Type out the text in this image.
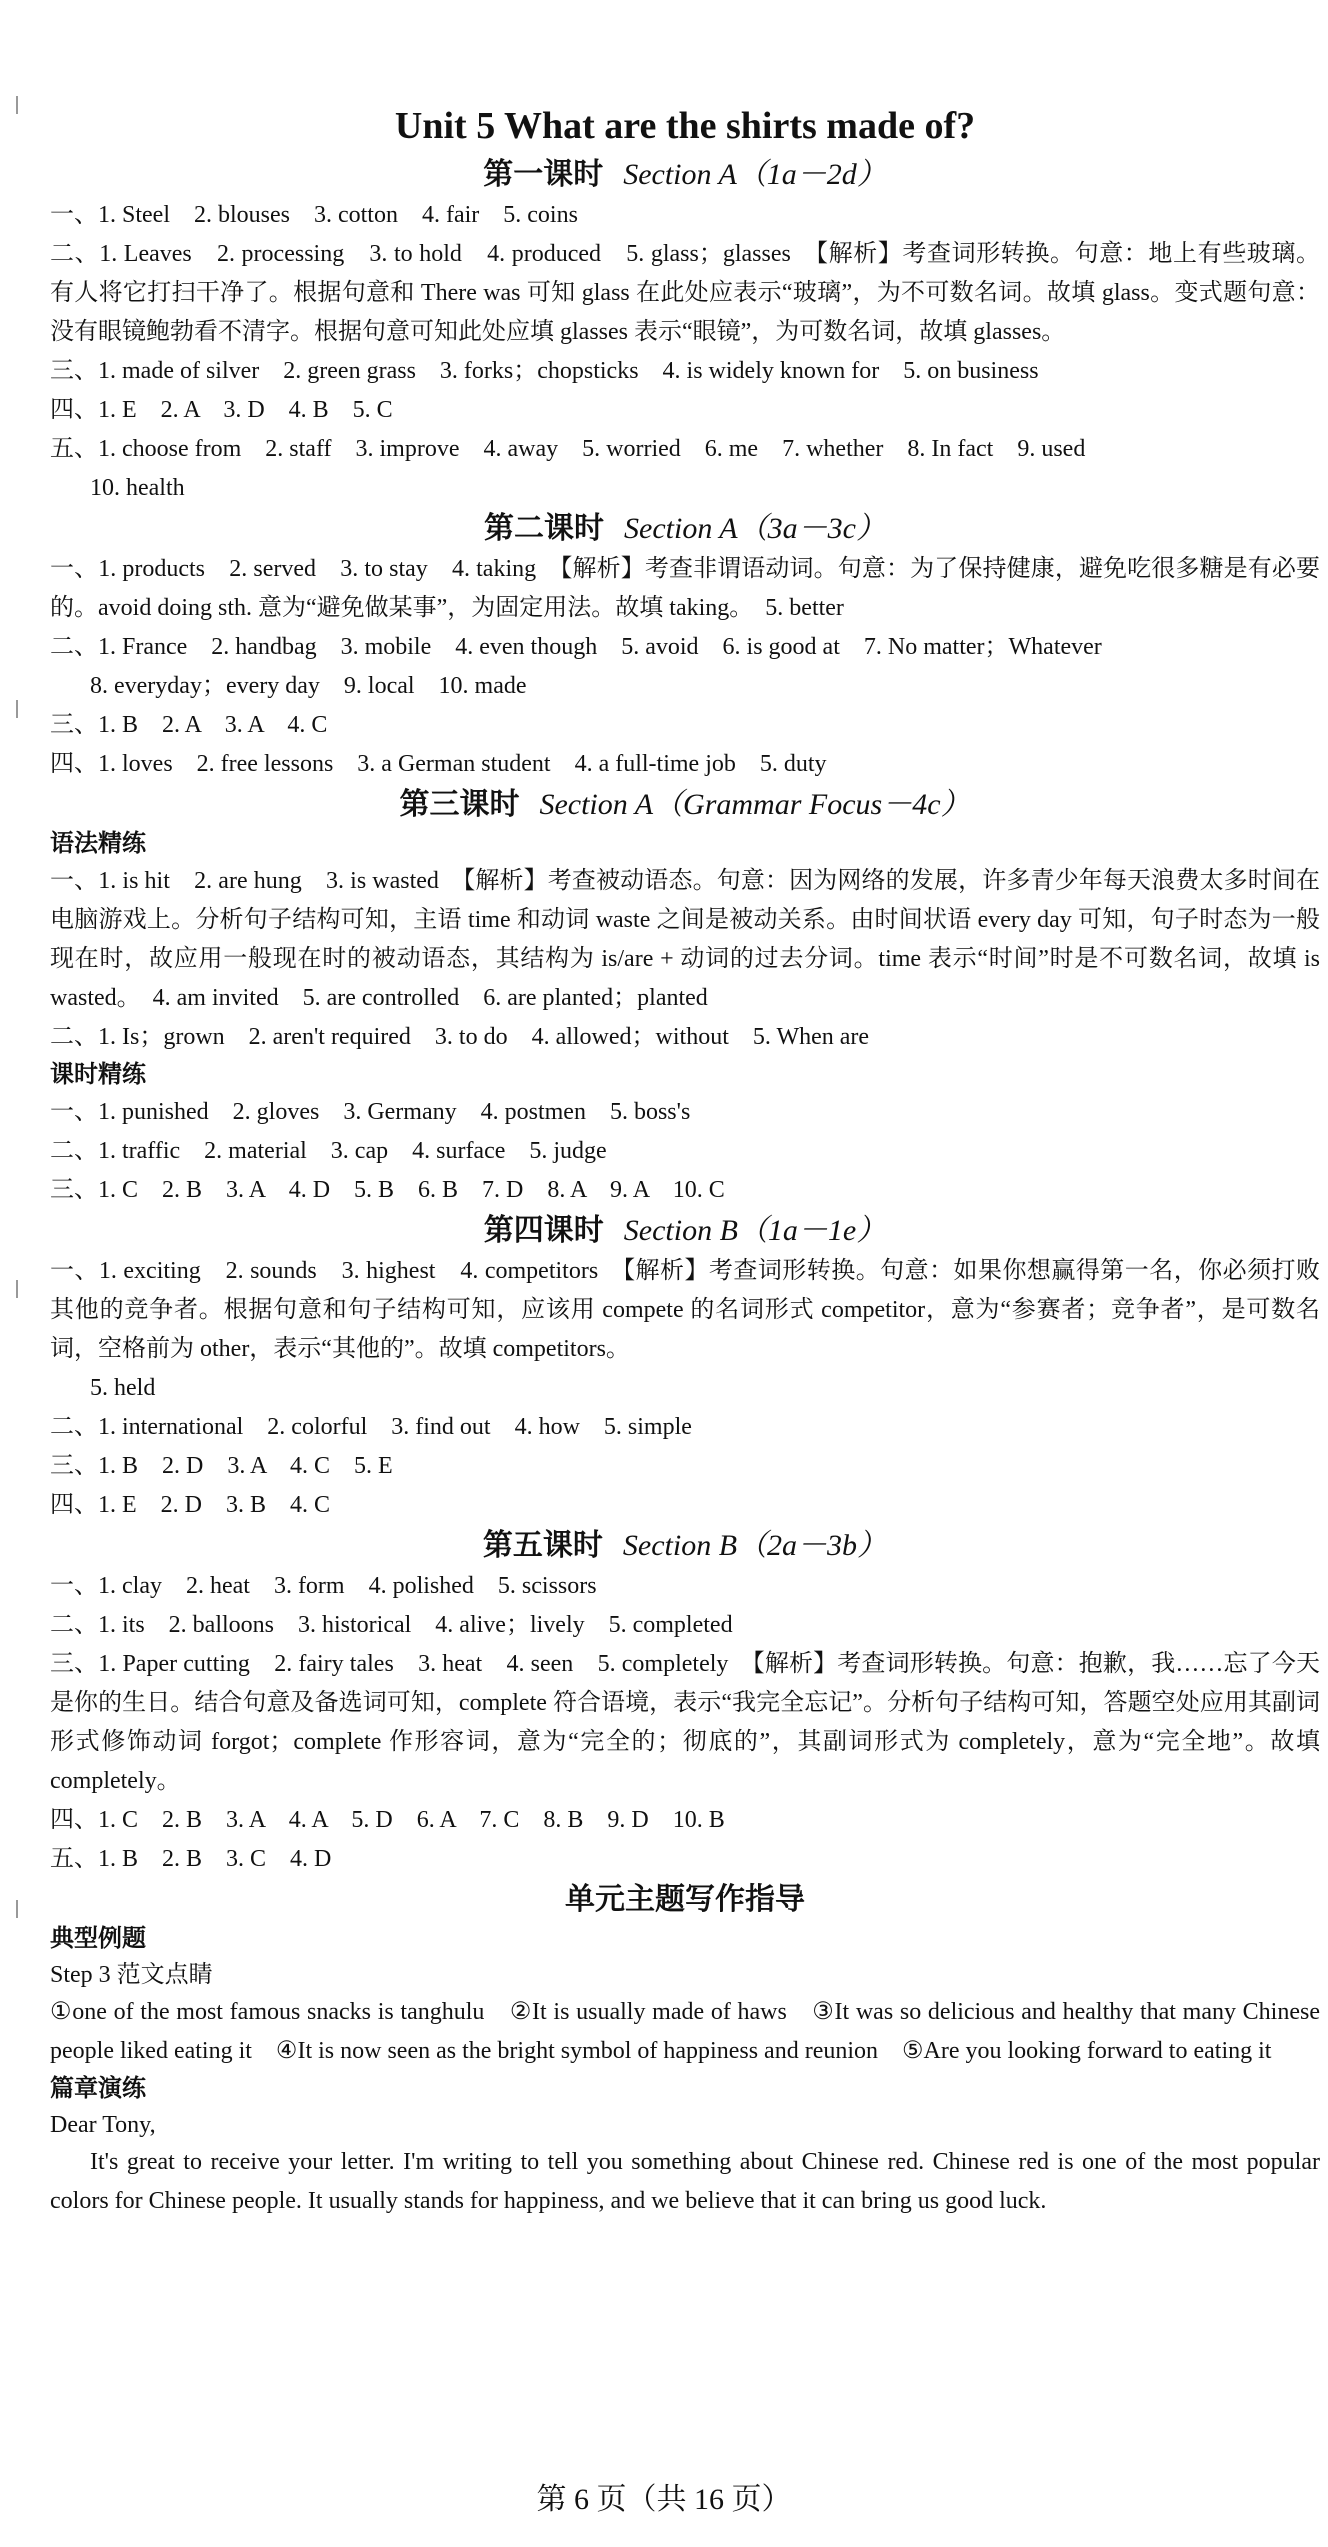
Unit 5 What are the shirts made of?
第一课时 Section A（1a－2d）
一、1. Steel　2. blouses　3. cotton　4. fair　5. coins
二、1. Leaves　2. processing　3. to hold　4. produced　5. glass；glasses　【解析】考查词形转换。句意：地上有些玻璃。有人将它打扫干净了。根据句意和 There was 可知 glass 在此处应表示“玻璃”，为不可数名词。故填 glass。变式题句意：没有眼镜鲍勃看不清字。根据句意可知此处应填 glasses 表示“眼镜”，为可数名词，故填 glasses。
三、1. made of silver　2. green grass　3. forks；chopsticks　4. is widely known for　5. on business
四、1. E　2. A　3. D　4. B　5. C
五、1. choose from　2. staff　3. improve　4. away　5. worried　6. me　7. whether　8. In fact　9. used
10. health
第二课时 Section A（3a－3c）
一、1. products　2. served　3. to stay　4. taking　【解析】考查非谓语动词。句意：为了保持健康，避免吃很多糖是有必要的。avoid doing sth. 意为“避免做某事”，为固定用法。故填 taking。　5. better
二、1. France　2. handbag　3. mobile　4. even though　5. avoid　6. is good at　7. No matter；Whatever
8. everyday；every day　9. local　10. made
三、1. B　2. A　3. A　4. C
四、1. loves　2. free lessons　3. a German student　4. a full-time job　5. duty
第三课时 Section A（Grammar Focus－4c）
语法精练
一、1. is hit　2. are hung　3. is wasted　【解析】考查被动语态。句意：因为网络的发展，许多青少年每天浪费太多时间在电脑游戏上。分析句子结构可知，主语 time 和动词 waste 之间是被动关系。由时间状语 every day 可知，句子时态为一般现在时，故应用一般现在时的被动语态，其结构为 is/are + 动词的过去分词。time 表示“时间”时是不可数名词，故填 is wasted。　4. am invited　5. are controlled　6. are planted；planted
二、1. Is；grown　2. aren't required　3. to do　4. allowed；without　5. When are
课时精练
一、1. punished　2. gloves　3. Germany　4. postmen　5. boss's
二、1. traffic　2. material　3. cap　4. surface　5. judge
三、1. C　2. B　3. A　4. D　5. B　6. B　7. D　8. A　9. A　10. C
第四课时 Section B（1a－1e）
一、1. exciting　2. sounds　3. highest　4. competitors　【解析】考查词形转换。句意：如果你想赢得第一名，你必须打败其他的竞争者。根据句意和句子结构可知，应该用 compete 的名词形式 competitor，意为“参赛者；竞争者”，是可数名词，空格前为 other，表示“其他的”。故填 competitors。
5. held
二、1. international　2. colorful　3. find out　4. how　5. simple
三、1. B　2. D　3. A　4. C　5. E
四、1. E　2. D　3. B　4. C
第五课时 Section B（2a－3b）
一、1. clay　2. heat　3. form　4. polished　5. scissors
二、1. its　2. balloons　3. historical　4. alive；lively　5. completed
三、1. Paper cutting　2. fairy tales　3. heat　4. seen　5. completely　【解析】考查词形转换。句意：抱歉，我……忘了今天是你的生日。结合句意及备选词可知，complete 符合语境，表示“我完全忘记”。分析句子结构可知，答题空处应用其副词形式修饰动词 forgot；complete 作形容词，意为“完全的；彻底的”，其副词形式为 completely，意为“完全地”。故填 completely。
四、1. C　2. B　3. A　4. A　5. D　6. A　7. C　8. B　9. D　10. B
五、1. B　2. B　3. C　4. D
单元主题写作指导
典型例题
Step 3 范文点睛
①one of the most famous snacks is tanghulu　②It is usually made of haws　③It was so delicious and healthy that many Chinese people liked eating it　④It is now seen as the bright symbol of happiness and reunion　⑤Are you looking forward to eating it
篇章演练
Dear Tony,
It's great to receive your letter. I'm writing to tell you something about Chinese red. Chinese red is one of the most popular colors for Chinese people. It usually stands for happiness, and we believe that it can bring us good luck.
第 6 页（共 16 页）
